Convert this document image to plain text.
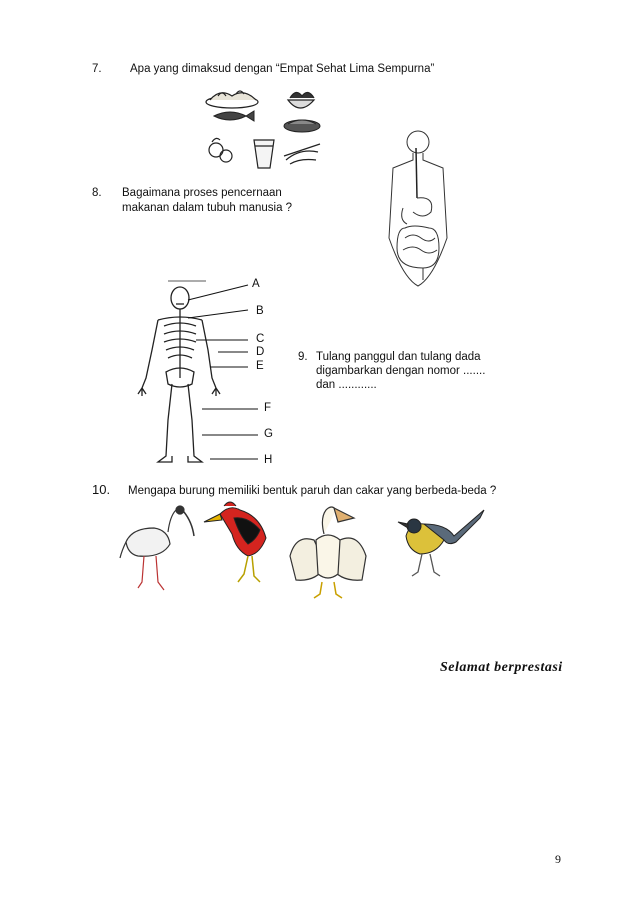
7. Apa yang dimaksud dengan “Empat Sehat Lima Sempurna”
8. Bagaimana proses pencernaan
makanan dalam tubuh manusia ?
A
B
C
D
E
F
G
H
9. Tulang panggul dan tulang dada
digambarkan dengan nomor .......
dan ............
10. Mengapa burung memiliki bentuk paruh dan cakar yang berbeda-beda ?
Selamat berprestasi
9
